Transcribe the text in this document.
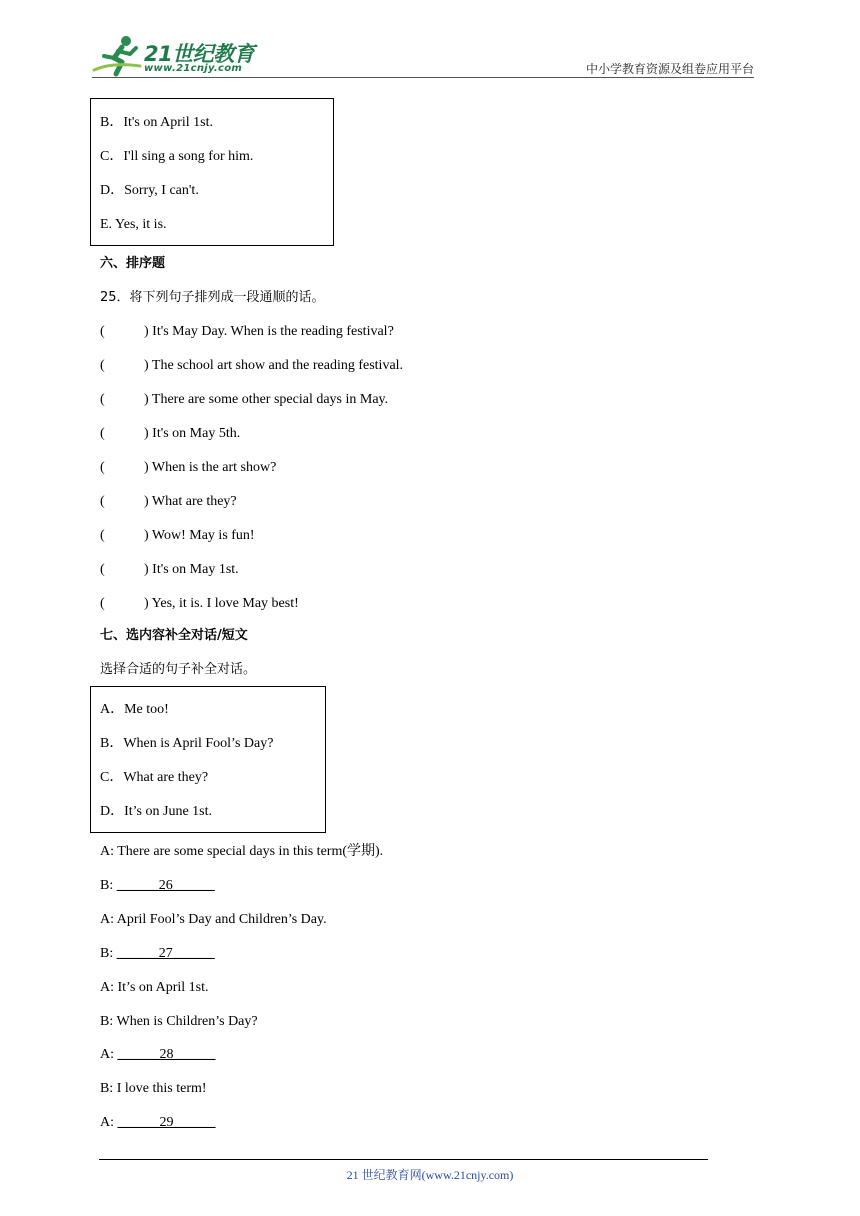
21世纪教育
www.21cnjy.com	中小学教育资源及组卷应用平台
B．It's on April 1st.
C．I'll sing a song for him.
D．Sorry, I can't.
E. Yes, it is.
六、排序题
25．将下列句子排列成一段通顺的话。
(	) It's May Day. When is the reading festival?
(	) The school art show and the reading festival.
(	) There are some other special days in May.
(	) It's on May 5th.
(	) When is the art show?
(	) What are they?
(	) Wow! May is fun!
(	) It's on May 1st.
(	) Yes, it is. I love May best!
七、选内容补全对话/短文
选择合适的句子补全对话。
A．Me too!
B．When is April Fool’s Day?
C．What are they?
D．It’s on June 1st.
A: There are some special days in this term(学期).
B: ______26______
A: April Fool’s Day and Children’s Day.
B: ______27______
A: It’s on April 1st.
B: When is Children’s Day?
A: ______28______
B: I love this term!
A: ______29______
21 世纪教育网(www.21cnjy.com)
